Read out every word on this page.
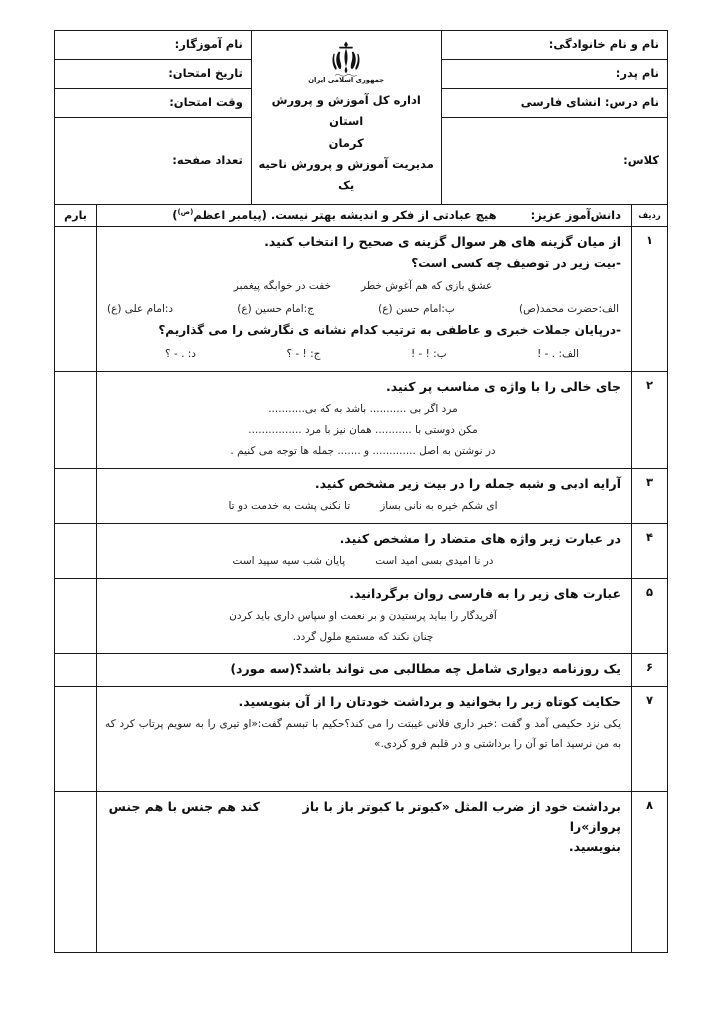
نام و نام خانوادگی:
نام پدر:
نام درس: انشای فارسی
کلاس:
جمهوری اسلامی ایران
اداره کل آموزش و پرورش استان
کرمان
مدیریت آموزش و پرورش ناحیه
یک
نام آموزگار:
تاریخ امتحان:
وقت امتحان:
تعداد صفحه:
ردیف
دانش‌آموز عزیز:
هیچ عبادتی از فکر و اندیشه بهتر نیست. (پیامبر اعظم$^{(ص)}$)
بارم
۱
از میان گزینه های هر سوال گزینه ی صحیح را انتخاب کنید.
-بیت زیر در توصیف چه کسی است؟
عشق بازی که هم آغوش خطر
خفت در خوابگه پیغمبر
الف:حضرت محمد(ص)
ب:امام حسن (ع)
ج:امام حسین (ع)
د:امام علی (ع)
-درپایان جملات خبری و عاطفی به ترتیب کدام نشانه ی نگارشی را می گذاریم؟
الف: . - !
ب: ! - !
ج: ! - ؟
د: . - ؟
۲
جای خالی را با واژه ی مناسب پر کنید.
مرد اگر بی ........... باشد به که بی...........
مکن دوستی با ........... همان نیز با مرد ................
در نوشتن به اصل ............. و ....... جمله ها توجه می کنیم .
۳
آرایه ادبی و شبه جمله را در بیت زیر مشخص کنید.
ای شکم خیره به نانی بساز
تا نکنی پشت به خدمت دو تا
۴
در عبارت زیر واژه های متضاد را مشخص کنید.
در نا امیدی بسی امید است
پایان شب سیه سپید است
۵
عبارت های زیر را به فارسی روان برگردانید.
آفریدگار را بباید پرستیدن و بر نعمت او سپاس داری باید کردن
چنان نکند که مستمع ملول گردد.
۶
یک روزنامه دیواری شامل چه مطالبی می تواند باشد؟(سه مورد)
۷
حکایت کوتاه زیر را بخوانید و برداشت خودتان را از آن بنویسید.
یکی نزد حکیمی آمد و گفت :خبر داری فلانی غیبتت را می کند؟حکیم با تبسم گفت:«او تیری را به سویم پرتاب کرد که به من نرسید اما تو آن را برداشتی و در قلبم فرو کردی.»
۸
برداشت خود از ضرب المثل «کبوتر با کبوتر باز با باز  کند هم جنس با هم جنس پرواز»را
بنویسید.
